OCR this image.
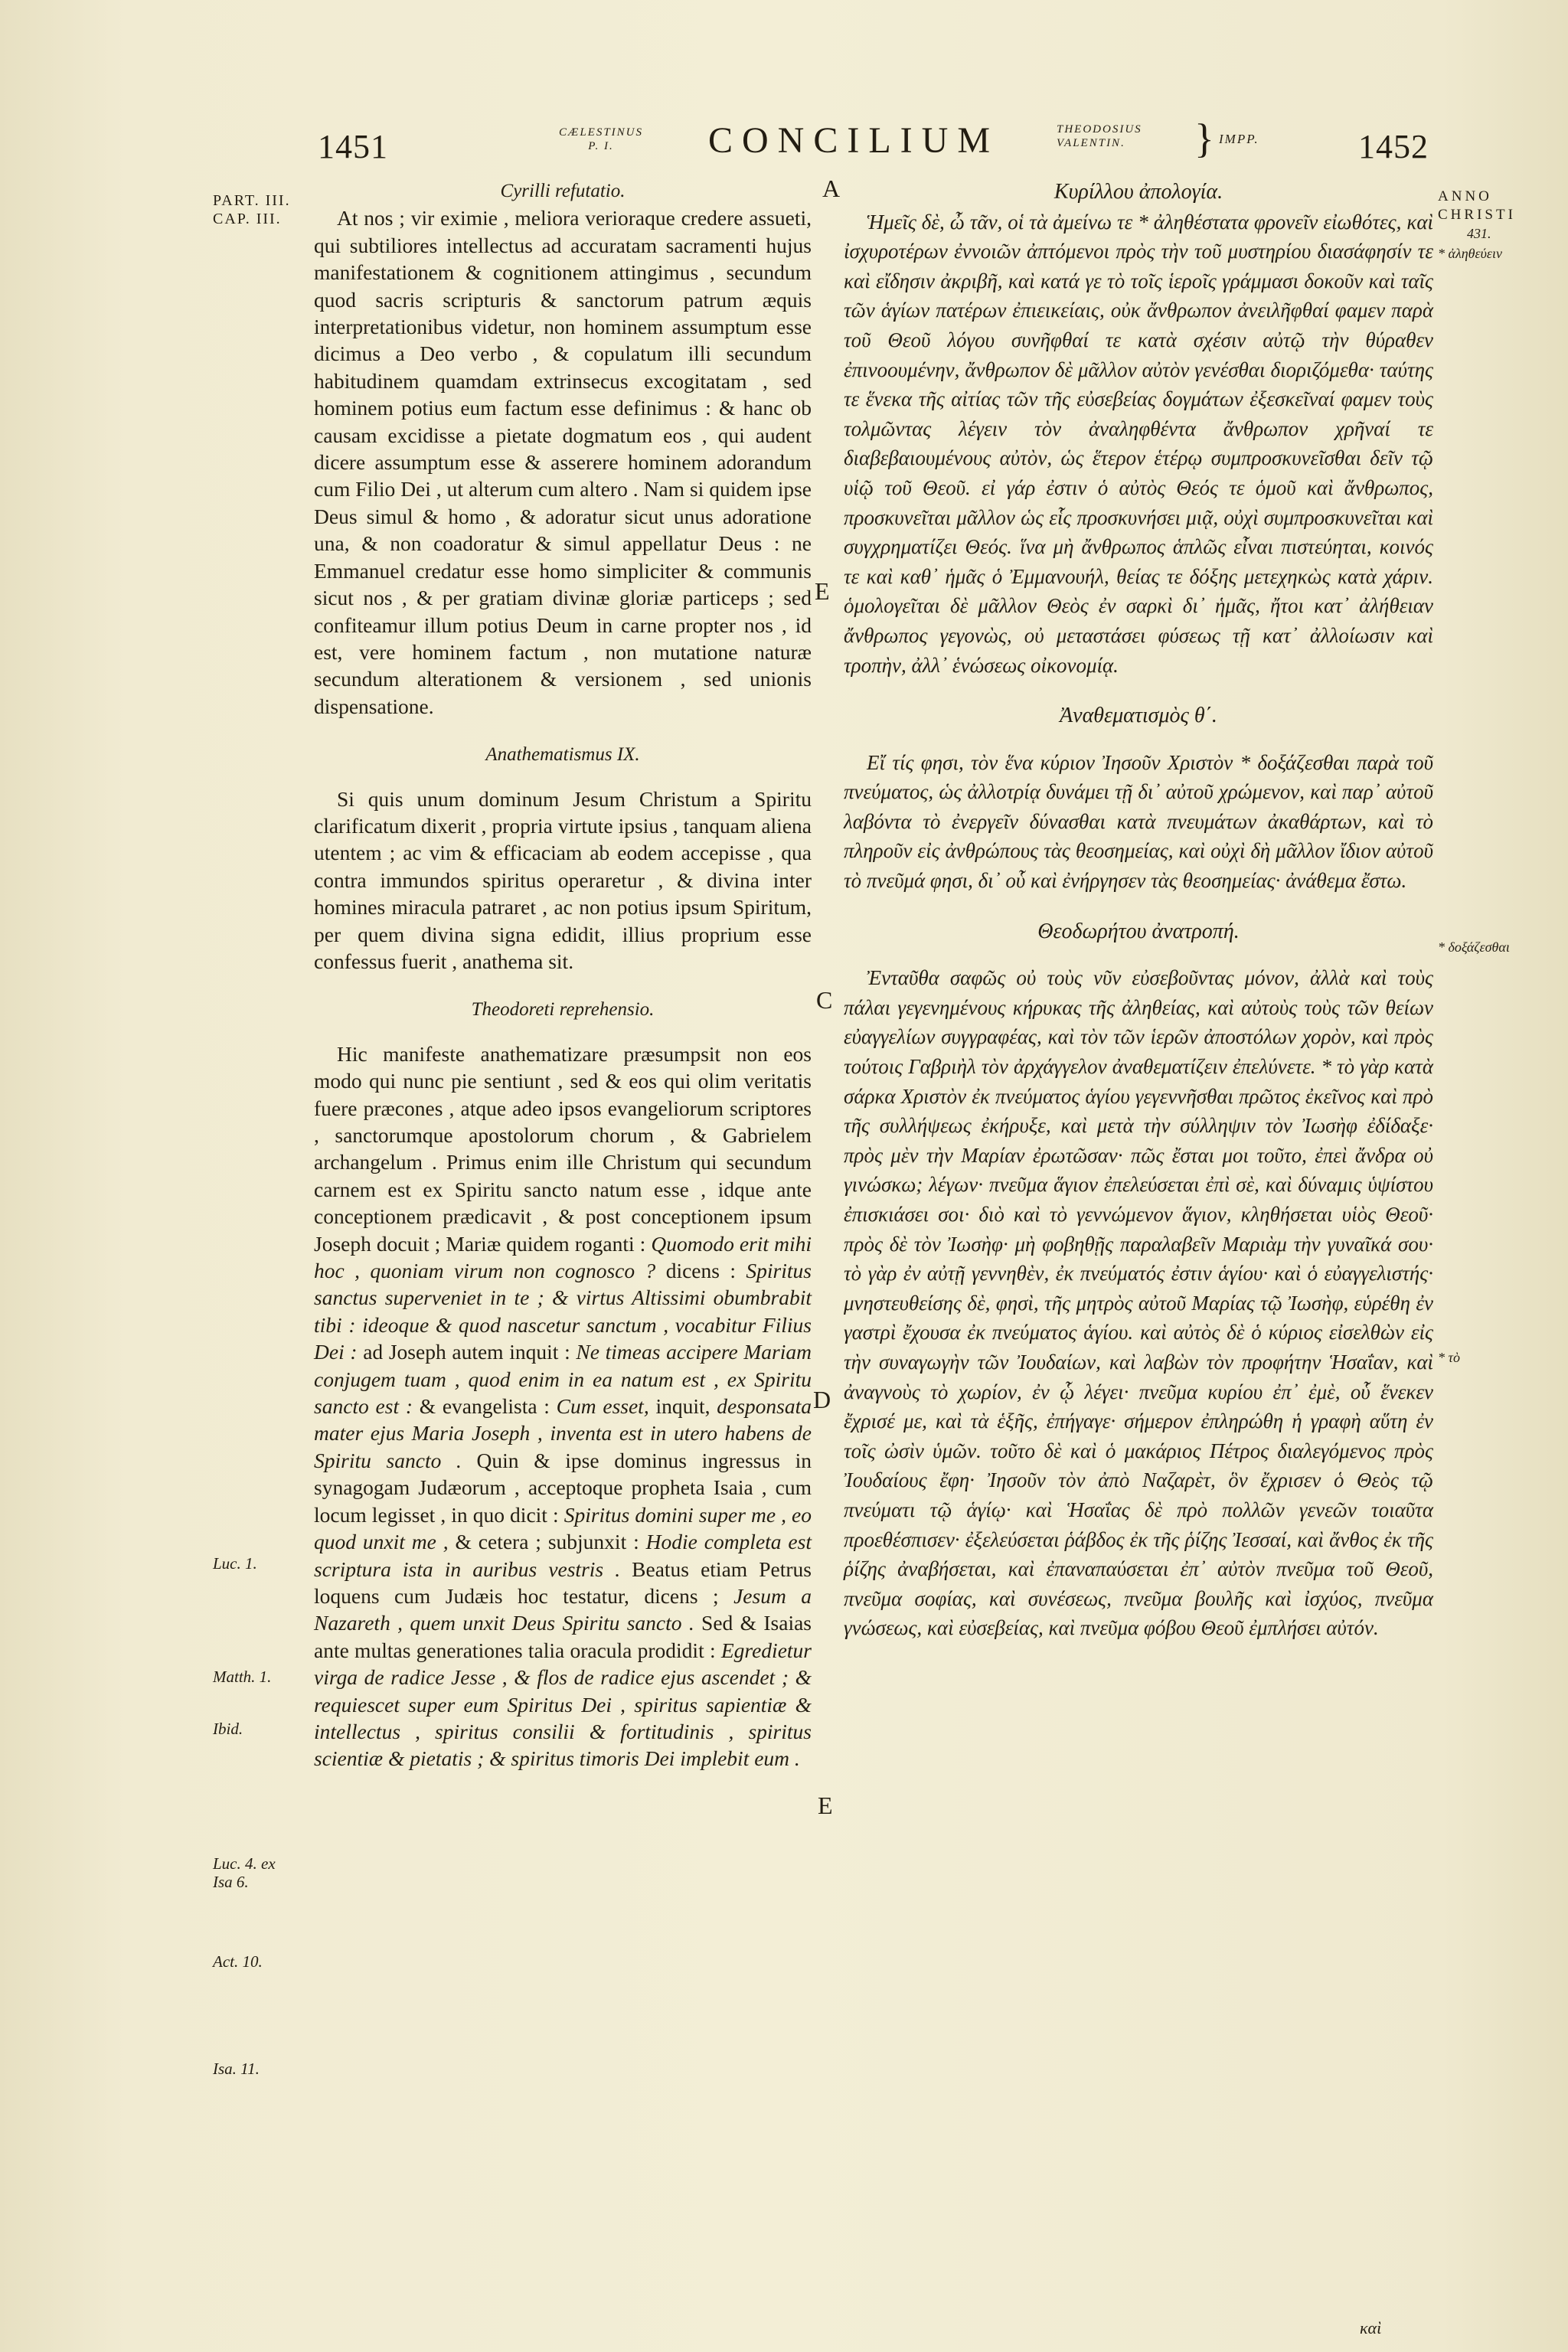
1451	CÆLESTINUS
P. I.	CONCILIUM	THEODOSIUS
VALENTIN.	} IMPP.	1452
PART. III.
CAP. III.
Luc. 1.
Matth. 1.
Ibid.
Luc. 4. ex
Isa 6.
Act. 10.
Isa. 11.
ANNO
CHRISTI
431.
* ἀληθεύειν
* δοξάζεσθαι
* τὸ
A
E
C
D
E
Cyrilli refutatio.

At nos ; vir eximie , meliora verioraque credere assueti, qui subtiliores intellectus ad accuratam sacramenti hujus manifestationem & cognitionem attingimus , secundum quod sacris scripturis & sanctorum patrum æquis interpretationibus videtur, non hominem assumptum esse dicimus a Deo verbo , & copulatum illi secundum habitudinem quamdam extrinsecus excogitatam , sed hominem potius eum factum esse definimus : & hanc ob causam excidisse a pietate dogmatum eos , qui audent dicere assumptum esse & asserere hominem adorandum cum Filio Dei , ut alterum cum altero . Nam si quidem ipse Deus simul & homo , & adoratur sicut unus adoratione una, & non coadoratur & simul appellatur Deus : ne Emmanuel credatur esse homo simpliciter & communis sicut nos , & per gratiam divinæ gloriæ particeps ; sed confiteamur illum potius Deum in carne propter nos , id est, vere hominem factum , non mutatione naturæ secundum alterationem & versionem , sed unionis dispensatione.

Anathematismus IX.

Si quis unum dominum Jesum Christum a Spiritu clarificatum dixerit , propria virtute ipsius , tanquam aliena utentem ; ac vim & efficaciam ab eodem accepisse , qua contra immundos spiritus operaretur , & divina inter homines miracula patraret , ac non potius ipsum Spiritum, per quem divina signa edidit, illius proprium esse confessus fuerit , anathema sit.

Theodoreti reprehensio.

Hic manifeste anathematizare præsumpsit non eos modo qui nunc pie sentiunt , sed & eos qui olim veritatis fuere præcones , atque adeo ipsos evangeliorum scriptores , sanctorumque apostolorum chorum , & Gabrielem archangelum . Primus enim ille Christum qui secundum carnem est ex Spiritu sancto natum esse , idque ante conceptionem prædicavit , & post conceptionem ipsum Joseph docuit ; Mariæ quidem roganti : Quomodo erit mihi hoc , quoniam virum non cognosco ? dicens : Spiritus sanctus superveniet in te ; & virtus Altissimi obumbrabit tibi : ideoque & quod nascetur sanctum , vocabitur Filius Dei : ad Joseph autem inquit : Ne timeas accipere Mariam conjugem tuam , quod enim in ea natum est , ex Spiritu sancto est : & evangelista : Cum esset, inquit, desponsata mater ejus Maria Joseph , inventa est in utero habens de Spiritu sancto . Quin & ipse dominus ingressus in synagogam Judæorum , acceptoque propheta Isaia , cum locum legisset , in quo dicit : Spiritus domini super me , eo quod unxit me , & cetera ; subjunxit : Hodie completa est scriptura ista in auribus vestris . Beatus etiam Petrus loquens cum Judæis hoc testatur, dicens ; Jesum a Nazareth , quem unxit Deus Spiritu sancto . Sed & Isaias ante multas generationes talia oracula prodidit : Egredietur virga de radice Jesse , & flos de radice ejus ascendet ; & requiescet super eum Spiritus Dei , spiritus sapientiæ & intellectus , spiritus consilii & fortitudinis , spiritus scientiæ & pietatis ; & spiritus timoris Dei implebit eum .

Κυρίλλου ἀπολογία.

Ἡμεῖς δὲ, ὦ τᾶν, οἱ τὰ ἀμείνω τε * ἀληθέστατα φρονεῖν εἰωθότες, καὶ ἰσχυροτέρων ἐννοιῶν ἀπτόμενοι πρὸς τὴν τοῦ μυστηρίου διασάφησίν τε καὶ εἴδησιν ἀκριβῆ, καὶ κατά γε τὸ τοῖς ἱεροῖς γράμμασι δοκοῦν καὶ ταῖς τῶν ἁγίων πατέρων ἐπιεικείαις, οὐκ ἄνθρωπον ἀνειλῆφθαί φαμεν παρὰ τοῦ Θεοῦ λόγου συνῆφθαί τε κατὰ σχέσιν αὐτῷ τὴν θύραθεν ἐπινοουμένην, ἄνθρωπον δὲ μᾶλλον αὐτὸν γενέσθαι διοριζόμεθα· ταύτης τε ἕνεκα τῆς αἰτίας τῶν τῆς εὐσεβείας δογμάτων ἐξεσκεῖναί φαμεν τοὺς τολμῶντας λέγειν τὸν ἀναληφθέντα ἄνθρωπον χρῆναί τε διαβεβαιουμένους αὐτὸν, ὡς ἕτερον ἑτέρῳ συμπροσκυνεῖσθαι δεῖν τῷ υἱῷ τοῦ Θεοῦ. εἰ γάρ ἐστιν ὁ αὐτὸς Θεός τε ὁμοῦ καὶ ἄνθρωπος, προσκυνεῖται μᾶλλον ὡς εἷς προσκυνήσει μιᾷ, οὐχὶ συμπροσκυνεῖται καὶ συγχρηματίζει Θεός. ἵνα μὴ ἄνθρωπος ἁπλῶς εἶναι πιστεύηται, κοινός τε καὶ καθ᾽ ἡμᾶς ὁ Ἐμμανουήλ, θείας τε δόξης μετεχηκὼς κατὰ χάριν. ὁμολογεῖται δὲ μᾶλλον Θεὸς ἐν σαρκὶ δι᾽ ἡμᾶς, ἤτοι κατ᾽ ἀλήθειαν ἄνθρωπος γεγονὼς, οὐ μεταστάσει φύσεως τῇ κατ᾽ ἀλλοίωσιν καὶ τροπὴν, ἀλλ᾽ ἑνώσεως οἰκονομίᾳ.

Ἀναθεματισμὸς θ΄.

Εἴ τίς φησι, τὸν ἕνα κύριον Ἰησοῦν Χριστὸν * δοξάζεσθαι παρὰ τοῦ πνεύματος, ὡς ἀλλοτρίᾳ δυνάμει τῇ δι᾽ αὐτοῦ χρώμενον, καὶ παρ᾽ αὐτοῦ λαβόντα τὸ ἐνεργεῖν δύνασθαι κατὰ πνευμάτων ἀκαθάρτων, καὶ τὸ πληροῦν εἰς ἀνθρώπους τὰς θεοσημείας, καὶ οὐχὶ δὴ μᾶλλον ἴδιον αὐτοῦ τὸ πνεῦμά φησι, δι᾽ οὗ καὶ ἐνήργησεν τὰς θεοσημείας· ἀνάθεμα ἔστω.

Θεοδωρήτου ἀνατροπή.

Ἐνταῦθα σαφῶς οὐ τοὺς νῦν εὐσεβοῦντας μόνον, ἀλλὰ καὶ τοὺς πάλαι γεγενημένους κήρυκας τῆς ἀληθείας, καὶ αὐτοὺς τοὺς τῶν θείων εὐαγγελίων συγγραφέας, καὶ τὸν τῶν ἱερῶν ἀποστόλων χορὸν, καὶ πρὸς τούτοις Γαβριὴλ τὸν ἀρχάγγελον ἀναθεματίζειν ἐπελύνετε. * τὸ γὰρ κατὰ σάρκα Χριστὸν ἐκ πνεύματος ἁγίου γεγεννῆσθαι πρῶτος ἐκεῖνος καὶ πρὸ τῆς συλλήψεως ἐκήρυξε, καὶ μετὰ τὴν σύλληψιν τὸν Ἰωσὴφ ἐδίδαξε· πρὸς μὲν τὴν Μαρίαν ἐρωτῶσαν· πῶς ἔσται μοι τοῦτο, ἐπεὶ ἄνδρα οὐ γινώσκω; λέγων· πνεῦμα ἅγιον ἐπελεύσεται ἐπὶ σὲ, καὶ δύναμις ὑψίστου ἐπισκιάσει σοι· διὸ καὶ τὸ γεννώμενον ἅγιον, κληθήσεται υἱὸς Θεοῦ· πρὸς δὲ τὸν Ἰωσὴφ· μὴ φοβηθῇς παραλαβεῖν Μαριὰμ τὴν γυναῖκά σου· τὸ γὰρ ἐν αὐτῇ γεννηθὲν, ἐκ πνεύματός ἐστιν ἁγίου· καὶ ὁ εὐαγγελιστής· μνηστευθείσης δὲ, φησὶ, τῆς μητρὸς αὐτοῦ Μαρίας τῷ Ἰωσὴφ, εὑρέθη ἐν γαστρὶ ἔχουσα ἐκ πνεύματος ἁγίου. καὶ αὐτὸς δὲ ὁ κύριος εἰσελθὼν εἰς τὴν συναγωγὴν τῶν Ἰουδαίων, καὶ λαβὼν τὸν προφήτην Ἡσαΐαν, καὶ ἀναγνοὺς τὸ χωρίον, ἐν ᾧ λέγει· πνεῦμα κυρίου ἐπ᾽ ἐμὲ, οὗ ἕνεκεν ἔχρισέ με, καὶ τὰ ἑξῆς, ἐπήγαγε· σήμερον ἐπληρώθη ἡ γραφὴ αὕτη ἐν τοῖς ὠσὶν ὑμῶν. τοῦτο δὲ καὶ ὁ μακάριος Πέτρος διαλεγόμενος πρὸς Ἰουδαίους ἔφη· Ἰησοῦν τὸν ἀπὸ Ναζαρὲτ, ὃν ἔχρισεν ὁ Θεὸς τῷ πνεύματι τῷ ἁγίῳ· καὶ Ἡσαΐας δὲ πρὸ πολλῶν γενεῶν τοιαῦτα προεθέσπισεν· ἐξελεύσεται ῥάβδος ἐκ τῆς ῥίζης Ἰεσσαί, καὶ ἄνθος ἐκ τῆς ῥίζης ἀναβήσεται, καὶ ἐπαναπαύσεται ἐπ᾽ αὐτὸν πνεῦμα τοῦ Θεοῦ, πνεῦμα σοφίας, καὶ συνέσεως, πνεῦμα βουλῆς καὶ ἰσχύος, πνεῦμα γνώσεως, καὶ εὐσεβείας, καὶ πνεῦμα φόβου Θεοῦ ἐμπλήσει αὐτόν.

καὶ
